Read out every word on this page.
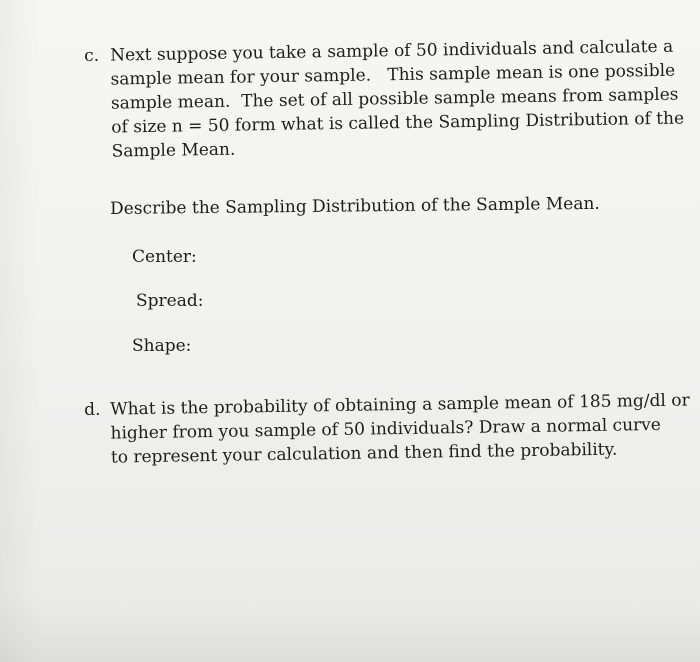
c. Next suppose you take a sample of 50 individuals and calculate a
sample mean for your sample.   This sample mean is one possible
sample mean.  The set of all possible sample means from samples
of size n = 50 form what is called the Sampling Distribution of the
Sample Mean.
Describe the Sampling Distribution of the Sample Mean.
Center:
Spread:
Shape:
d. What is the probability of obtaining a sample mean of 185 mg/dl or
higher from you sample of 50 individuals? Draw a normal curve
to represent your calculation and then find the probability.
